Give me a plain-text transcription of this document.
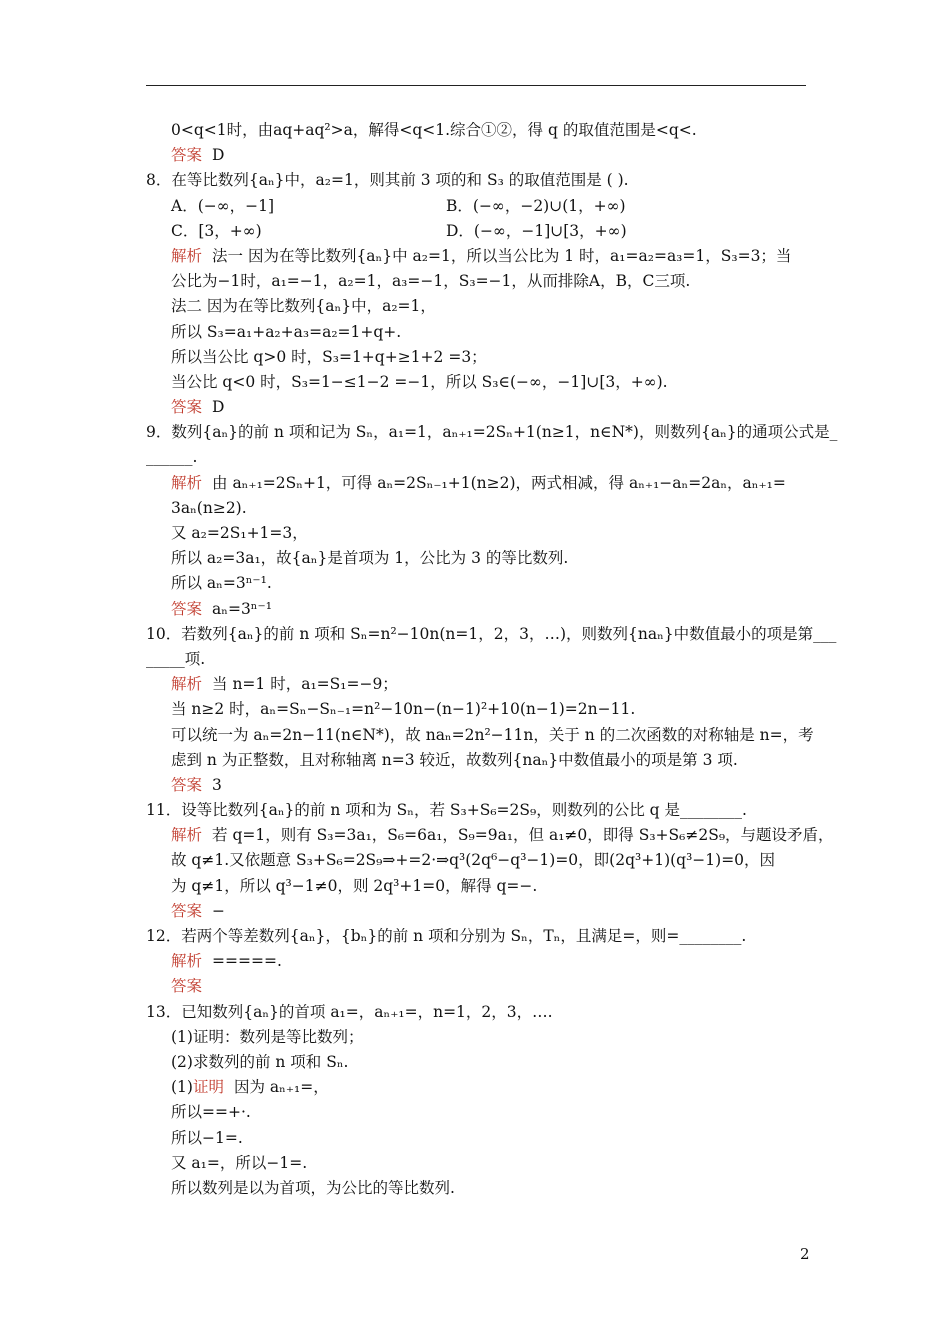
0<q<1时，由aq+aq²>a，解得<q<1.综合①②，得 q 的取值范围是<q<.
答案 D
8．在等比数列{aₙ}中，a₂=1，则其前 3 项的和 S₃ 的取值范围是 ( ).
A．(−∞，−1]	B．(−∞，−2)∪(1，+∞)
C．[3，+∞)	D．(−∞，−1]∪[3，+∞)
解析 法一 因为在等比数列{aₙ}中 a₂=1，所以当公比为 1 时，a₁=a₂=a₃=1，S₃=3；当
公比为−1时，a₁=−1，a₂=1，a₃=−1，S₃=−1，从而排除A，B，C三项.
法二 因为在等比数列{aₙ}中，a₂=1，
所以 S₃=a₁+a₂+a₃=a₂=1+q+.
所以当公比 q>0 时，S₃=1+q+≥1+2 =3；
当公比 q<0 时，S₃=1−≤1−2 =−1，所以 S₃∈(−∞，−1]∪[3，+∞).
答案 D
9．数列{aₙ}的前 n 项和记为 Sₙ，a₁=1，aₙ₊₁=2Sₙ+1(n≥1，n∈N*)，则数列{aₙ}的通项公式是_
______.
解析 由 aₙ₊₁=2Sₙ+1，可得 aₙ=2Sₙ₋₁+1(n≥2)，两式相减，得 aₙ₊₁−aₙ=2aₙ，aₙ₊₁=
3aₙ(n≥2).
又 a₂=2S₁+1=3，
所以 a₂=3a₁，故{aₙ}是首项为 1，公比为 3 的等比数列.
所以 aₙ=3ⁿ⁻¹.
答案 aₙ=3ⁿ⁻¹
10．若数列{aₙ}的前 n 项和 Sₙ=n²−10n(n=1，2，3，…)，则数列{naₙ}中数值最小的项是第___
_____项.
解析 当 n=1 时，a₁=S₁=−9；
当 n≥2 时，aₙ=Sₙ−Sₙ₋₁=n²−10n−(n−1)²+10(n−1)=2n−11.
可以统一为 aₙ=2n−11(n∈N*)，故 naₙ=2n²−11n，关于 n 的二次函数的对称轴是 n=，考
虑到 n 为正整数，且对称轴离 n=3 较近，故数列{naₙ}中数值最小的项是第 3 项.
答案 3
11．设等比数列{aₙ}的前 n 项和为 Sₙ，若 S₃+S₆=2S₉，则数列的公比 q 是________.
解析 若 q=1，则有 S₃=3a₁，S₆=6a₁，S₉=9a₁，但 a₁≠0，即得 S₃+S₆≠2S₉，与题设矛盾，
故 q≠1.又依题意 S₃+S₆=2S₉⇒+=2·⇒q³(2q⁶−q³−1)=0，即(2q³+1)(q³−1)=0，因
为 q≠1，所以 q³−1≠0，则 2q³+1=0，解得 q=−.
答案 −
12．若两个等差数列{aₙ}，{bₙ}的前 n 项和分别为 Sₙ，Tₙ，且满足=，则=________.
解析 =====.
答案
13．已知数列{aₙ}的首项 a₁=，aₙ₊₁=，n=1，2，3，….
(1)证明：数列是等比数列；
(2)求数列的前 n 项和 Sₙ.
(1)证明 因为 aₙ₊₁=，
所以==+·.
所以−1=.
又 a₁=，所以−1=.
所以数列是以为首项，为公比的等比数列.
2
